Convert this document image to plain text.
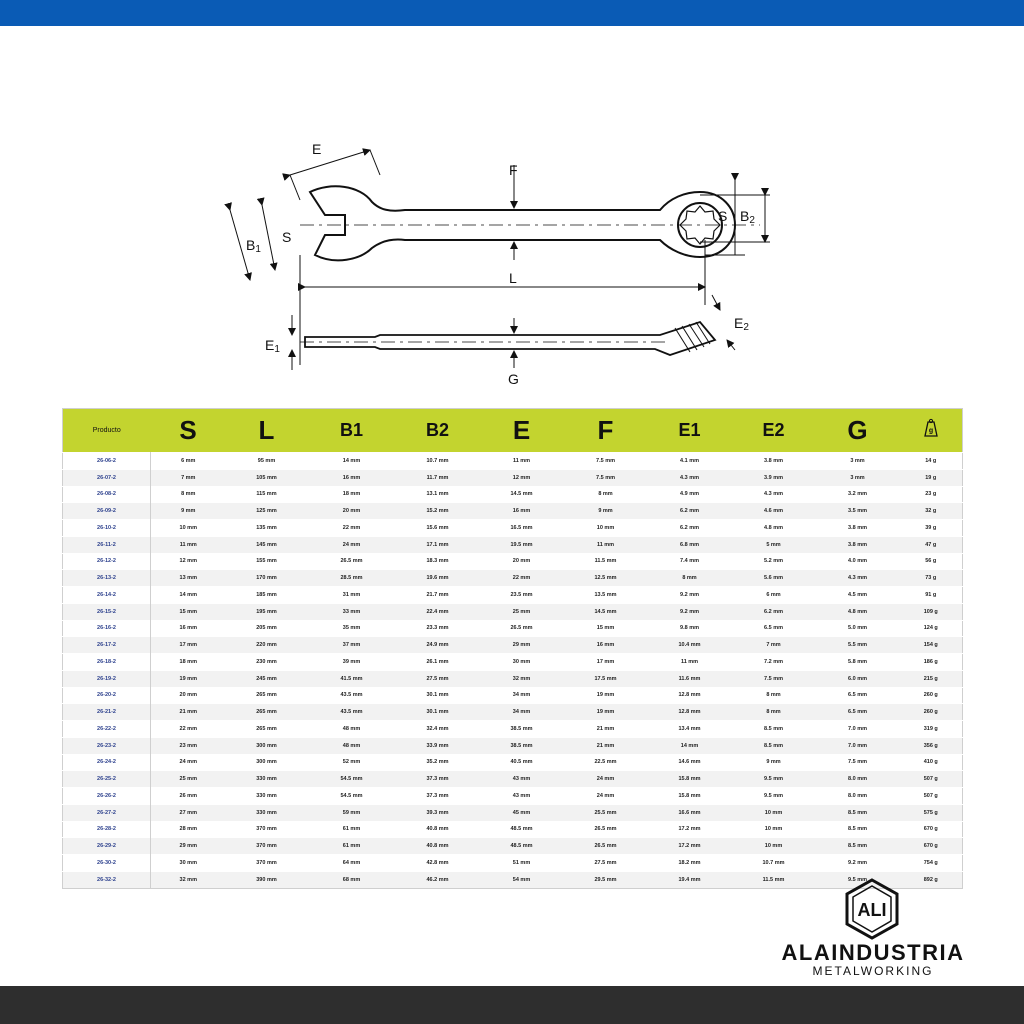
E
F
S
B1
S B2
L
E1
E2
G
Producto	S	L	B1	B2	E	F	E1	E2	G	g

26-06-2	6 mm	95 mm	14 mm	10.7 mm	11 mm	7.5 mm	4.1 mm	3.8 mm	3 mm	14 g
26-07-2	7 mm	105 mm	16 mm	11.7 mm	12 mm	7.5 mm	4.3 mm	3.9 mm	3 mm	19 g
26-08-2	8 mm	115 mm	18 mm	13.1 mm	14.5 mm	8 mm	4.9 mm	4.3 mm	3.2 mm	23 g
26-09-2	9 mm	125 mm	20 mm	15.2 mm	16 mm	9 mm	6.2 mm	4.6 mm	3.5 mm	32 g
26-10-2	10 mm	135 mm	22 mm	15.6 mm	16.5 mm	10 mm	6.2 mm	4.8 mm	3.8 mm	39 g
26-11-2	11 mm	145 mm	24 mm	17.1 mm	19.5 mm	11 mm	6.8 mm	5 mm	3.8 mm	47 g
26-12-2	12 mm	155 mm	26.5 mm	18.3 mm	20 mm	11.5 mm	7.4 mm	5.2 mm	4.0 mm	56 g
26-13-2	13 mm	170 mm	28.5 mm	19.6 mm	22 mm	12.5 mm	8 mm	5.6 mm	4.3 mm	73 g
26-14-2	14 mm	185 mm	31 mm	21.7 mm	23.5 mm	13.5 mm	9.2 mm	6 mm	4.5 mm	91 g
26-15-2	15 mm	195 mm	33 mm	22.4 mm	25 mm	14.5 mm	9.2 mm	6.2 mm	4.8 mm	109 g
26-16-2	16 mm	205 mm	35 mm	23.3 mm	26.5 mm	15 mm	9.8 mm	6.5 mm	5.0 mm	124 g
26-17-2	17 mm	220 mm	37 mm	24.9 mm	29 mm	16 mm	10.4 mm	7 mm	5.5 mm	154 g
26-18-2	18 mm	230 mm	39 mm	26.1 mm	30 mm	17 mm	11 mm	7.2 mm	5.8 mm	186 g
26-19-2	19 mm	245 mm	41.5 mm	27.5 mm	32 mm	17.5 mm	11.6 mm	7.5 mm	6.0 mm	215 g
26-20-2	20 mm	265 mm	43.5 mm	30.1 mm	34 mm	19 mm	12.8 mm	8 mm	6.5 mm	260 g
26-21-2	21 mm	265 mm	43.5 mm	30.1 mm	34 mm	19 mm	12.8 mm	8 mm	6.5 mm	260 g
26-22-2	22 mm	265 mm	48 mm	32.4 mm	38.5 mm	21 mm	13.4 mm	8.5 mm	7.0 mm	319 g
26-23-2	23 mm	300 mm	48 mm	33.9 mm	38.5 mm	21 mm	14 mm	8.5 mm	7.0 mm	356 g
26-24-2	24 mm	300 mm	52 mm	35.2 mm	40.5 mm	22.5 mm	14.6 mm	9 mm	7.5 mm	410 g
26-25-2	25 mm	330 mm	54.5 mm	37.3 mm	43 mm	24 mm	15.8 mm	9.5 mm	8.0 mm	507 g
26-26-2	26 mm	330 mm	54.5 mm	37.3 mm	43 mm	24 mm	15.8 mm	9.5 mm	8.0 mm	507 g
26-27-2	27 mm	330 mm	59 mm	39.3 mm	45 mm	25.5 mm	16.6 mm	10 mm	8.5 mm	575 g
26-28-2	28 mm	370 mm	61 mm	40.8 mm	48.5 mm	26.5 mm	17.2 mm	10 mm	8.5 mm	670 g
26-29-2	29 mm	370 mm	61 mm	40.8 mm	48.5 mm	26.5 mm	17.2 mm	10 mm	8.5 mm	670 g
26-30-2	30 mm	370 mm	64 mm	42.8 mm	51 mm	27.5 mm	18.2 mm	10.7 mm	9.2 mm	754 g
26-32-2	32 mm	390 mm	68 mm	46.2 mm	54 mm	29.5 mm	19.4 mm	11.5 mm	9.5 mm	892 g
ALI
ALAINDUSTRIA
METALWORKING
